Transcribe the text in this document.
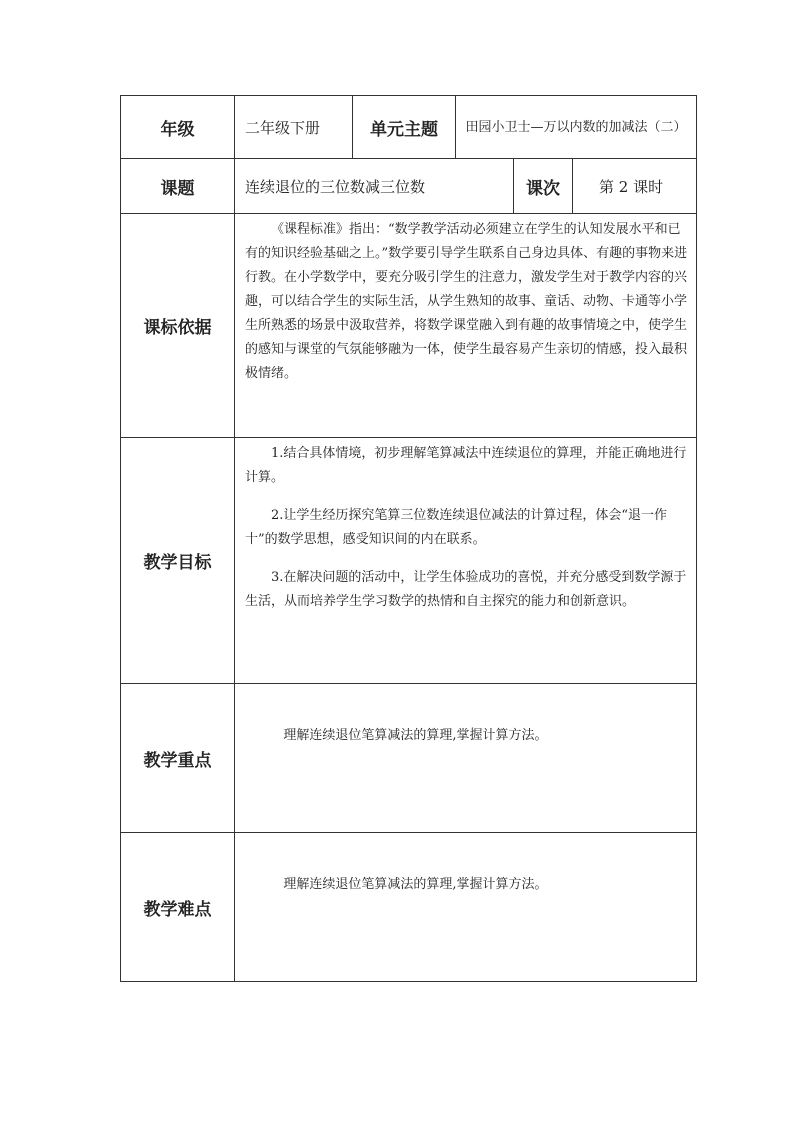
年级	二年级下册	单元主题	田园小卫士—万以内数的加减法（二）		
课题	连续退位的三位数减三位数			课次	第 2 课时
课标依据	《课程标准》指出：“数学教学活动必须建立在学生的认知发展水平和已有的知识经验基础之上。”数学要引导学生联系自己身边具体、有趣的事物来进行教。在小学数学中，要充分吸引学生的注意力，激发学生对于教学内容的兴趣，可以结合学生的实际生活，从学生熟知的故事、童话、动物、卡通等小学生所熟悉的场景中汲取营养，将数学课堂融入到有趣的故事情境之中，使学生的感知与课堂的气氛能够融为一体，使学生最容易产生亲切的情感，投入最积极情绪。				

教学目标	1.结合具体情境，初步理解笔算减法中连续退位的算理，并能正确地进行计算。

2.让学生经历探究笔算三位数连续退位减法的计算过程，体会“退一作十”的数学思想，感受知识间的内在联系。

3.在解决问题的活动中，让学生体验成功的喜悦，并充分感受到数学源于生活，从而培养学生学习数学的热情和自主探究的能力和创新意识。				

教学重点	理解连续退位笔算减法的算理,掌握计算方法。				

教学难点	理解连续退位笔算减法的算理,掌握计算方法。				
